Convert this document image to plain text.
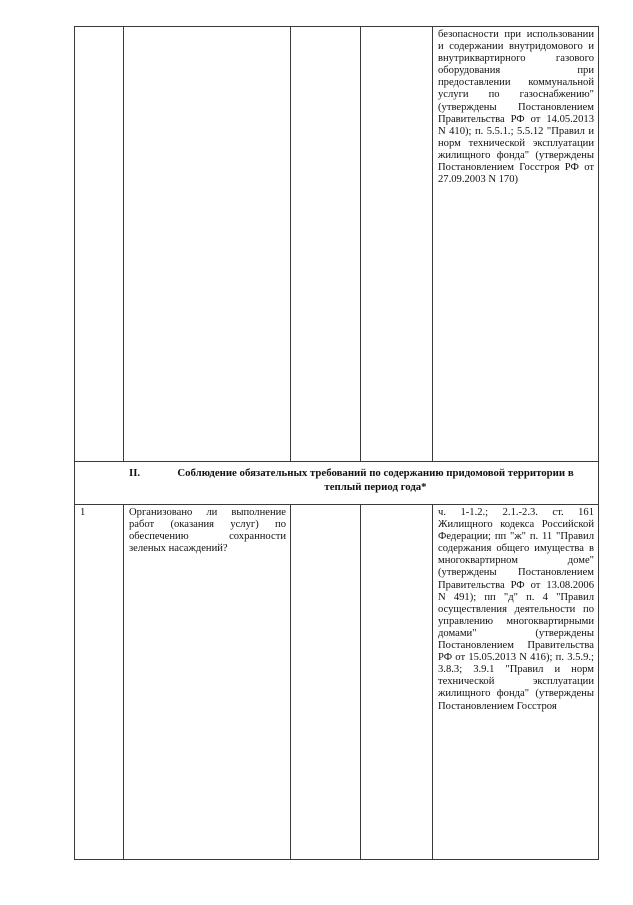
				безопасности при использовании и содержании внутридомового и внутриквартирного газового оборудования при предоставлении коммунальной услуги по газоснабжению" (утверждены Постановлением Правительства РФ от 14.05.2013 N 410); п. 5.5.1.; 5.5.12 "Правил и норм технической эксплуатации жилищного фонда" (утверждены Постановлением Госстроя РФ от 27.09.2003 N 170)

II. Соблюдение обязательных требований по содержанию придомовой территории в теплый период года*				

1	Организовано ли выполнение работ (оказания услуг) по обеспечению сохранности зеленых насаждений?			ч. 1-1.2.; 2.1.-2.3. ст. 161 Жилищного кодекса Российской Федерации; пп "ж" п. 11 "Правил содержания общего имущества в многоквартирном доме" (утверждены Постановлением Правительства РФ от 13.08.2006 N 491); пп "д" п. 4 "Правил осуществления деятельности по управлению многоквартирными домами" (утверждены Постановлением Правительства РФ от 15.05.2013 N 416); п. 3.5.9.; 3.8.3; 3.9.1 "Правил и норм технической эксплуатации жилищного фонда" (утверждены Постановлением Госстроя
